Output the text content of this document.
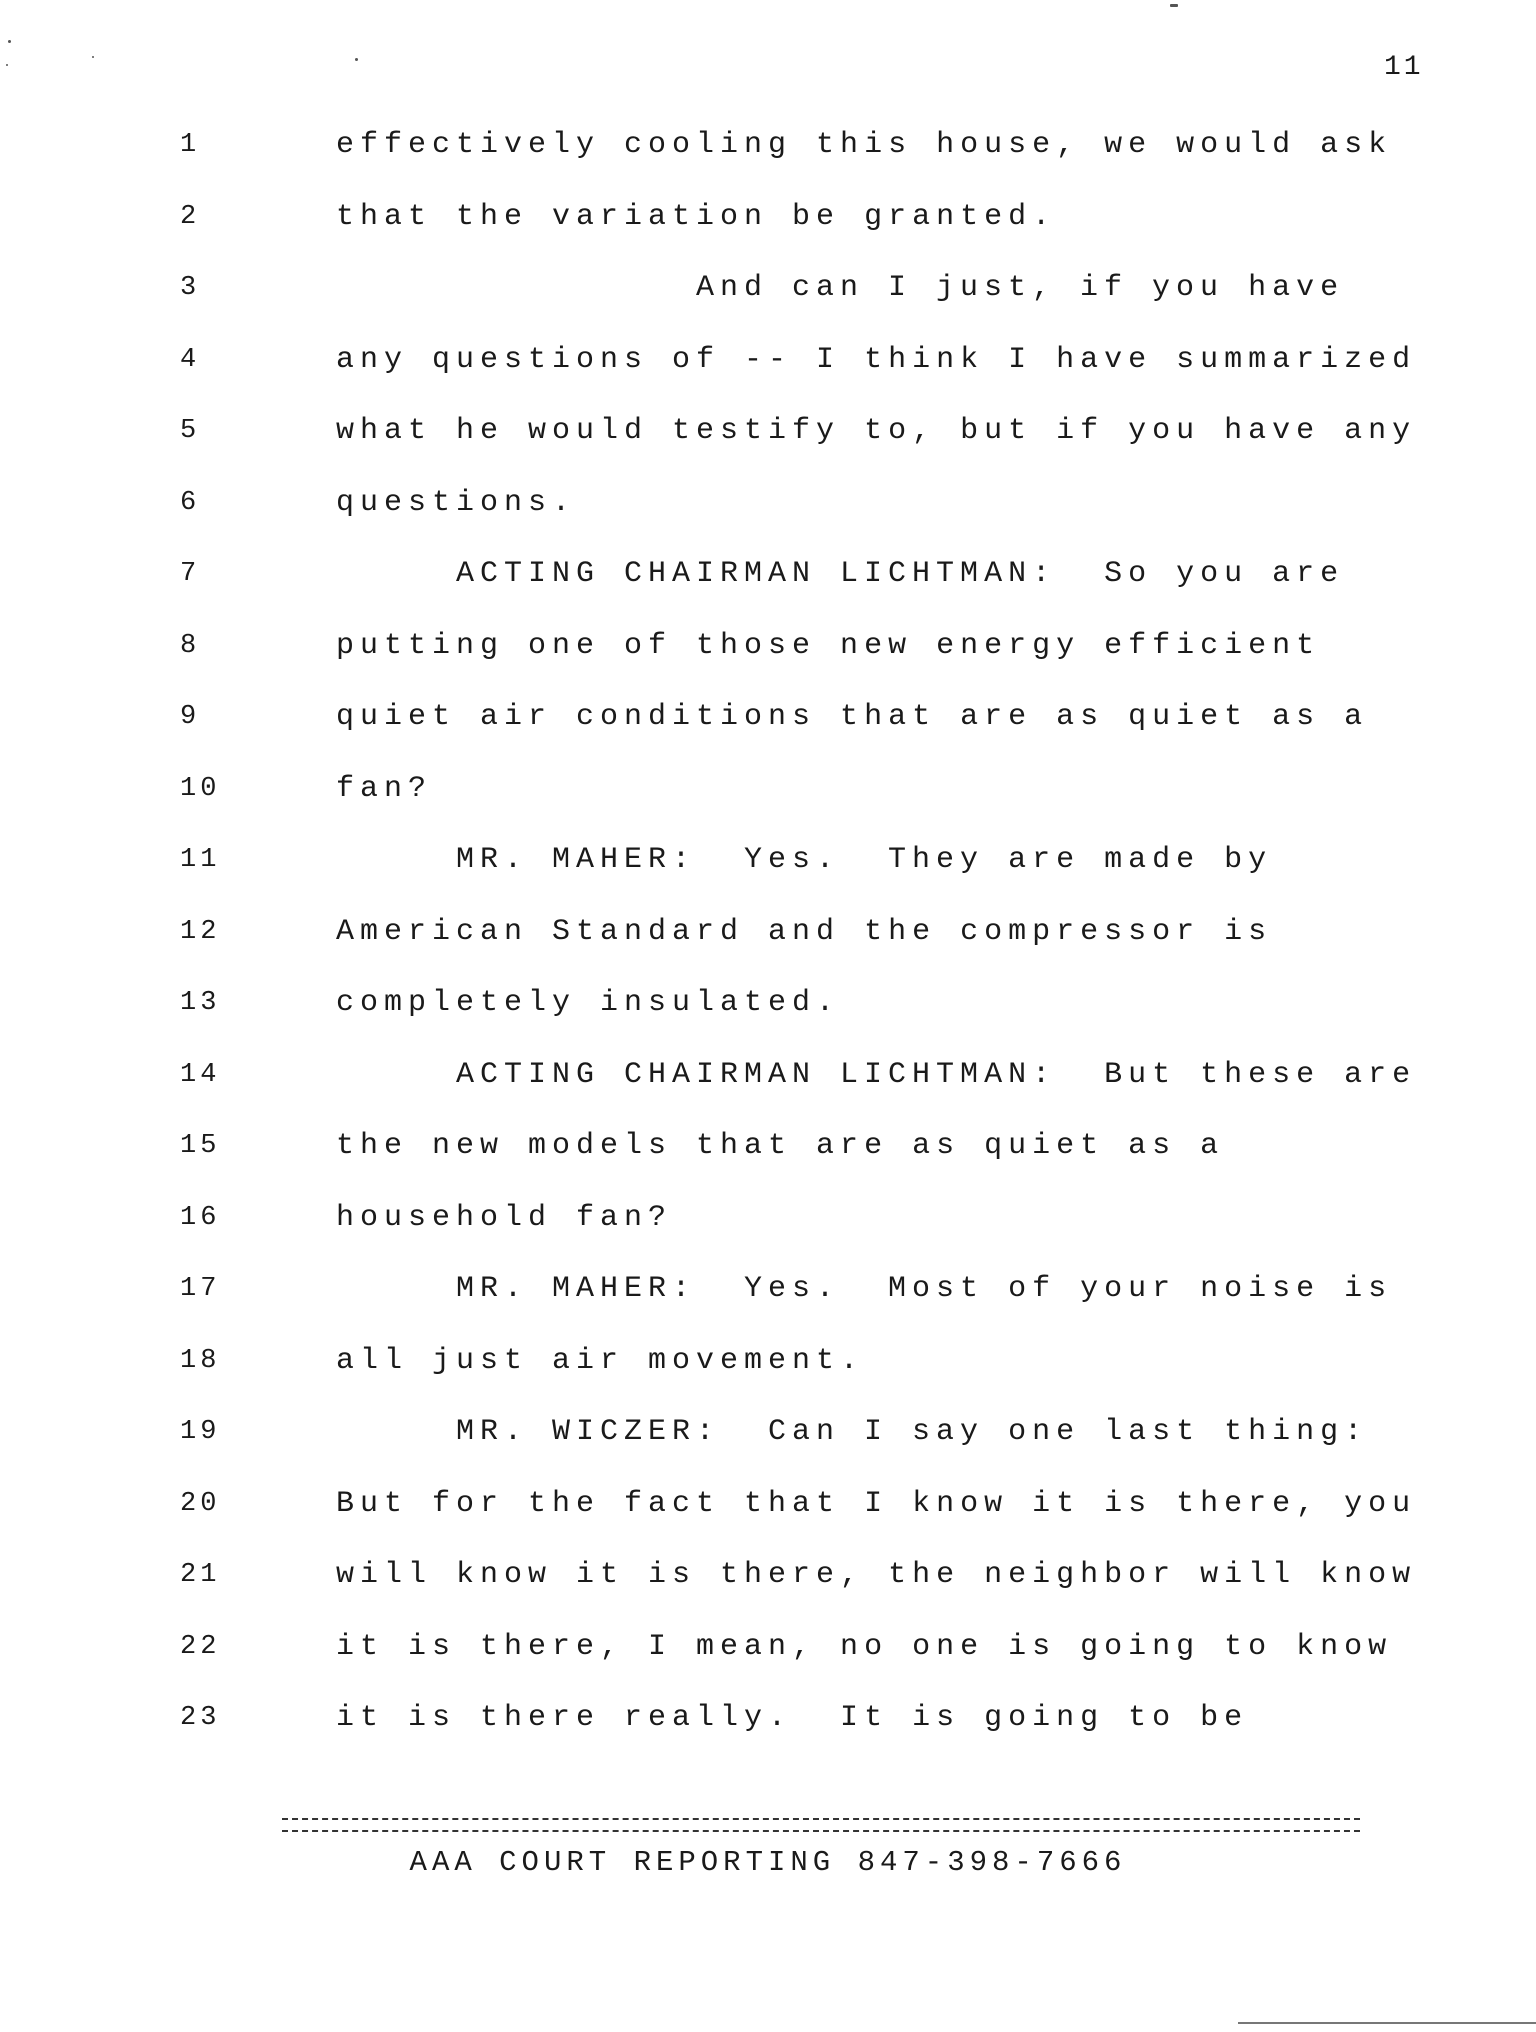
11
1	effectively cooling this house, we would ask
2	that the variation be granted.
3	And can I just, if you have
4	any questions of -- I think I have summarized
5	what he would testify to, but if you have any
6	questions.
7	ACTING CHAIRMAN LICHTMAN:  So you are
8	putting one of those new energy efficient
9	quiet air conditions that are as quiet as a
10	fan?
11	MR. MAHER:  Yes.  They are made by
12	American Standard and the compressor is
13	completely insulated.
14	ACTING CHAIRMAN LICHTMAN:  But these are
15	the new models that are as quiet as a
16	household fan?
17	MR. MAHER:  Yes.  Most of your noise is
18	all just air movement.
19	MR. WICZER:  Can I say one last thing:
20	But for the fact that I know it is there, you
21	will know it is there, the neighbor will know
22	it is there, I mean, no one is going to know
23	it is there really.  It is going to be
AAA COURT REPORTING 847-398-7666
